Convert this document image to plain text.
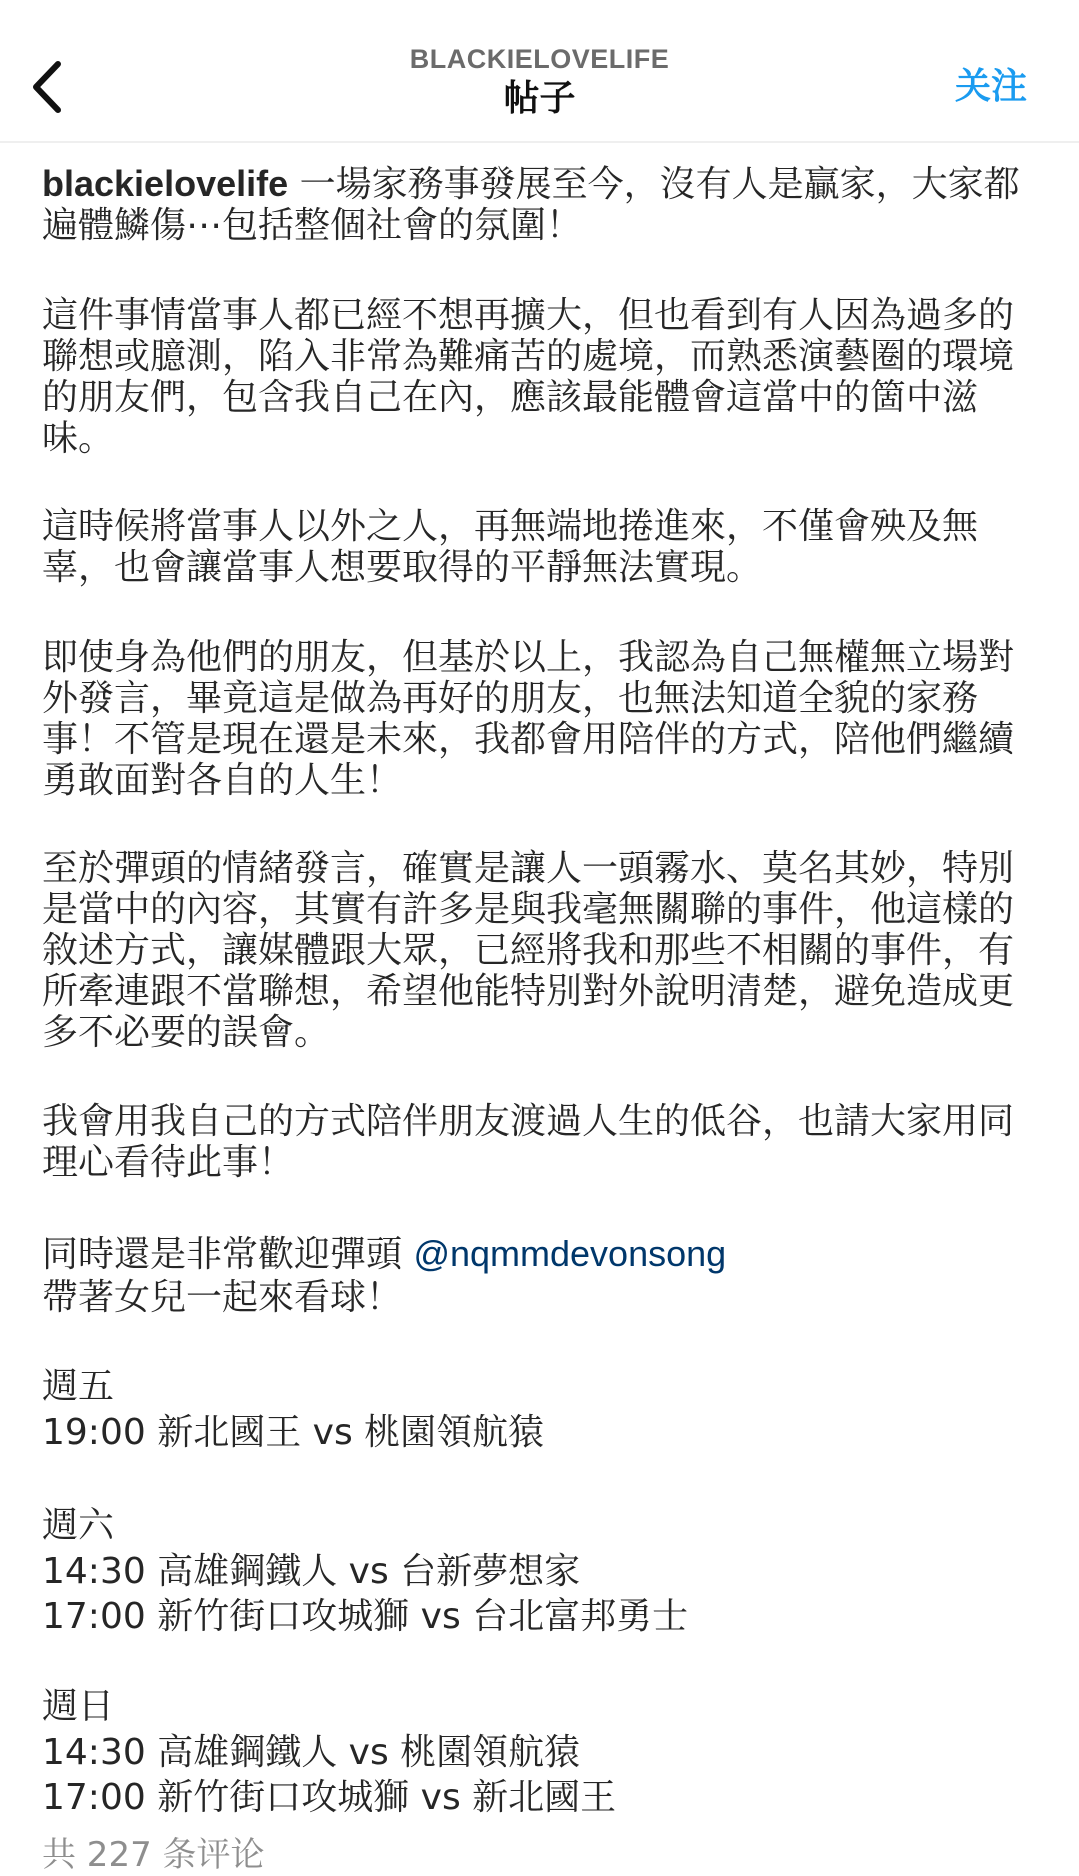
BLACKIELOVELIFE
帖子	关注
blackielovelife 一場家務事發展至今，沒有人是贏家，大家都
遍體鱗傷⋯包括整個社會的氛圍！
這件事情當事人都已經不想再擴大，但也看到有人因為過多的
聯想或臆測，陷入非常為難痛苦的處境，而熟悉演藝圈的環境
的朋友們，包含我自己在內，應該最能體會這當中的箇中滋
味。
這時候將當事人以外之人，再無端地捲進來，不僅會殃及無
辜，也會讓當事人想要取得的平靜無法實現。
即使身為他們的朋友，但基於以上，我認為自己無權無立場對
外發言，畢竟這是做為再好的朋友，也無法知道全貌的家務
事！不管是現在還是未來，我都會用陪伴的方式，陪他們繼續
勇敢面對各自的人生！
至於彈頭的情緒發言，確實是讓人一頭霧水、莫名其妙，特別
是當中的內容，其實有許多是與我毫無關聯的事件，他這樣的
敘述方式，讓媒體跟大眾，已經將我和那些不相關的事件，有
所牽連跟不當聯想，希望他能特別對外說明清楚，避免造成更
多不必要的誤會。
我會用我自己的方式陪伴朋友渡過人生的低谷，也請大家用同
理心看待此事！
同時還是非常歡迎彈頭 @nqmmdevonsong
帶著女兒一起來看球！
週五
19:00 新北國王 vs 桃園領航猿
週六
14:30 高雄鋼鐵人 vs 台新夢想家
17:00 新竹街口攻城獅 vs 台北富邦勇士
週日
14:30 高雄鋼鐵人 vs 桃園領航猿
17:00 新竹街口攻城獅 vs 新北國王
共 227 条评论
